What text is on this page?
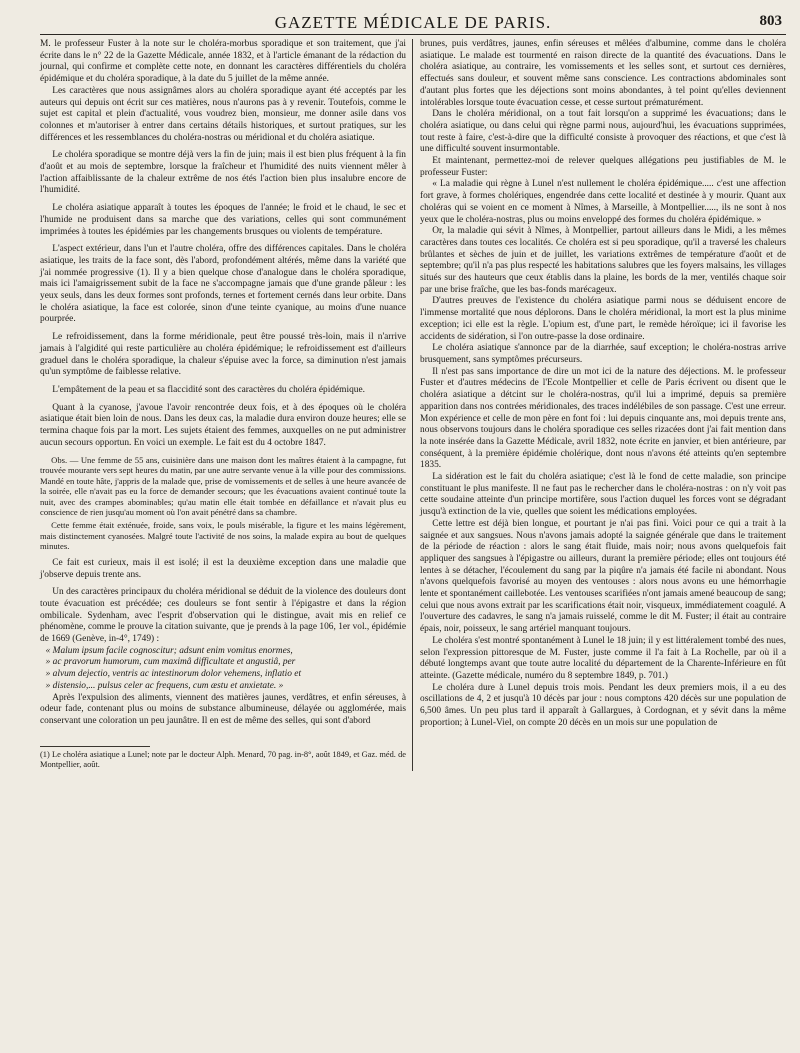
GAZETTE MÉDICALE DE PARIS.	803

M. le professeur Fuster à la note sur le choléra-morbus sporadique et son traitement, que j'ai écrite dans le n° 22 de la Gazette Médicale, année 1832, et à l'article émanant de la rédaction du journal, qui confirme et complète cette note, en donnant les caractères différentiels du choléra épidémique et du choléra sporadique, à la date du 5 juillet de la même année.

Les caractères que nous assignâmes alors au choléra sporadique ayant été acceptés par les auteurs qui depuis ont écrit sur ces matières, nous n'aurons pas à y revenir. Toutefois, comme le sujet est capital et plein d'actualité, vous voudrez bien, monsieur, me donner asile dans vos colonnes et m'autoriser à entrer dans certains détails historiques, et surtout pratiques, sur les différences et les ressemblances du choléra-nostras ou méridional et du choléra asiatique.

Le choléra sporadique se montre déjà vers la fin de juin; mais il est bien plus fréquent à la fin d'août et au mois de septembre, lorsque la fraîcheur et l'humidité des nuits viennent mêler à l'action affaiblissante de la chaleur extrême de nos étés l'action bien plus insalubre encore de l'humidité.

Le choléra asiatique apparaît à toutes les époques de l'année; le froid et le chaud, le sec et l'humide ne produisent dans sa marche que des variations, celles qui sont communément imprimées à toutes les épidémies par les changements brusques ou violents de température.

L'aspect extérieur, dans l'un et l'autre choléra, offre des différences capitales. Dans le choléra asiatique, les traits de la face sont, dès l'abord, profondément altérés, même dans la variété que j'ai nommée progressive (1). Il y a bien quelque chose d'analogue dans le choléra sporadique, mais ici l'amaigrissement subit de la face ne s'accompagne jamais que d'une grande pâleur : les yeux seuls, dans les deux formes sont profonds, ternes et fortement cernés dans leur orbite. Dans le choléra asiatique, la face est colorée, sinon d'une teinte cyanique, au moins d'une nuance pourprée.

Le refroidissement, dans la forme méridionale, peut être poussé très-loin, mais il n'arrive jamais à l'algidité qui reste particulière au choléra épidémique; le refroidissement est d'ailleurs graduel dans le choléra sporadique, la chaleur s'épuise avec la force, sa diminution n'est jamais qu'un symptôme de faiblesse relative.

L'empâtement de la peau et sa flaccidité sont des caractères du choléra épidémique.

Quant à la cyanose, j'avoue l'avoir rencontrée deux fois, et à des époques où le choléra asiatique était bien loin de nous. Dans les deux cas, la maladie dura environ douze heures; elle se termina chaque fois par la mort. Les sujets étaient des femmes, auxquelles on ne put administrer aucun secours opportun. En voici un exemple. Le fait est du 4 octobre 1847.

Obs. — Une femme de 55 ans, cuisinière dans une maison dont les maîtres étaient à la campagne, fut trouvée mourante vers sept heures du matin, par une autre servante venue à la ville pour des commissions. Mandé en toute hâte, j'appris de la malade que, prise de vomissements et de selles à une heure avancée de la soirée, elle n'avait pas eu la force de demander secours; que les évacuations avaient continué toute la nuit, avec des crampes abominables; qu'au matin elle était tombée en défaillance et n'avait plus eu conscience de rien jusqu'au moment où l'on avait pénétré dans sa chambre.

Cette femme était exténuée, froide, sans voix, le pouls misérable, la figure et les mains légèrement, mais distinctement cyanosées. Malgré toute l'activité de nos soins, la malade expira au bout de quelques minutes.

Ce fait est curieux, mais il est isolé; il est la deuxième exception dans une maladie que j'observe depuis trente ans.

Un des caractères principaux du choléra méridional se déduit de la violence des douleurs dont toute évacuation est précédée; ces douleurs se font sentir à l'épigastre et dans la région ombilicale. Sydenham, avec l'esprit d'observation qui le distingue, avait mis en relief ce phénomène, comme le prouve la citation suivante, que je prends à la page 106, 1er vol., épidémie de 1669 (Genève, in-4°, 1749) :

« Malum ipsum facile cognoscitur; adsunt enim vomitus enormes,

» ac pravorum humorum, cum maximâ difficultate et angustiâ, per

» alvum dejectio, ventris ac intestinorum dolor vehemens, inflatio et

» distensio,... pulsus celer ac frequens, cum æstu et anxietate. »

Après l'expulsion des aliments, viennent des matières jaunes, verdâtres, et enfin séreuses, à odeur fade, contenant plus ou moins de substance albumineuse, délayée ou agglomérée, mais conservant une coloration un peu jaunâtre. Il en est de même des selles, qui sont d'abord

(1) Le choléra asiatique a Lunel; note par le docteur Alph. Menard, 70 pag. in-8°, août 1849, et Gaz. méd. de Montpellier, août.

brunes, puis verdâtres, jaunes, enfin séreuses et mêlées d'albumine, comme dans le choléra asiatique. Le malade est tourmenté en raison directe de la quantité des évacuations. Dans le choléra asiatique, au contraire, les vomissements et les selles sont, et surtout ces dernières, effectués sans douleur, et souvent même sans conscience. Les contractions abdominales sont d'autant plus fortes que les déjections sont moins abondantes, à tel point qu'elles deviennent intolérables lorsque toute évacuation cesse, et cesse surtout prématurément.

Dans le choléra méridional, on a tout fait lorsqu'on a supprimé les évacuations; dans le choléra asiatique, ou dans celui qui règne parmi nous, aujourd'hui, les évacuations supprimées, tout reste à faire, c'est-à-dire que la difficulté consiste à provoquer des réactions, et que c'est là une difficulté souvent insurmontable.

Et maintenant, permettez-moi de relever quelques allégations peu justifiables de M. le professeur Fuster:

« La maladie qui règne à Lunel n'est nullement le choléra épidémique..... c'est une affection fort grave, à formes cholériques, engendrée dans cette localité et destinée à y mourir. Quant aux choléras qui se voient en ce moment à Nîmes, à Marseille, à Montpellier....., ils ne sont à nos yeux que le choléra-nostras, plus ou moins enveloppé des formes du choléra épidémique. »

Or, la maladie qui sévit à Nîmes, à Montpellier, partout ailleurs dans le Midi, a les mêmes caractères dans toutes ces localités. Ce choléra est si peu sporadique, qu'il a traversé les chaleurs brûlantes et sèches de juin et de juillet, les variations extrêmes de température d'août et de septembre; qu'il n'a pas plus respecté les habitations salubres que les foyers malsains, les villages situés sur des hauteurs que ceux établis dans la plaine, les bords de la mer, ventilés chaque soir par une brise fraîche, que les bas-fonds marécageux.

D'autres preuves de l'existence du choléra asiatique parmi nous se déduisent encore de l'immense mortalité que nous déplorons. Dans le choléra méridional, la mort est la plus minime exception; ici elle est la règle. L'opium est, d'une part, le remède héroïque; ici il favorise les accidents de sidération, si l'on outre-passe la dose ordinaire.

Le choléra asiatique s'annonce par de la diarrhée, sauf exception; le choléra-nostras arrive brusquement, sans symptômes précurseurs.

Il n'est pas sans importance de dire un mot ici de la nature des déjections. M. le professeur Fuster et d'autres médecins de l'Ecole Montpellier et celle de Paris écrivent ou disent que le choléra asiatique a détcint sur le choléra-nostras, qu'il lui a imprimé, depuis sa première apparition dans nos contrées méridionales, des traces indélébiles de son passage. C'est une erreur. Mon expérience et celle de mon père en font foi : lui depuis cinquante ans, moi depuis trente ans, nous observons toujours dans le choléra sporadique ces selles rizacées dont j'ai fait mention dans la note insérée dans la Gazette Médicale, avril 1832, note écrite en janvier, et bien antérieure, par conséquent, à la première épidémie cholérique, dont nous n'avons été atteints qu'en septembre 1835.

La sidération est le fait du choléra asiatique; c'est là le fond de cette maladie, son principe constituant le plus manifeste. Il ne faut pas le rechercher dans le choléra-nostras : on n'y voit pas cette soudaine atteinte d'un principe mortifère, sous l'action duquel les forces vont se dégradant jusqu'à extinction de la vie, quelles que soient les médications employées.

Cette lettre est déjà bien longue, et pourtant je n'ai pas fini. Voici pour ce qui a trait à la saignée et aux sangsues. Nous n'avons jamais adopté la saignée générale que dans le traitement de la période de réaction : alors le sang était fluide, mais noir; nous avons quelquefois fait appliquer des sangsues à l'épigastre ou ailleurs, durant la première période; elles ont toujours été lentes à se détacher, l'écoulement du sang par la piqûre n'a jamais été facile ni abondant. Nous n'avons quelquefois favorisé au moyen des ventouses : alors nous avons eu une hémorrhagie lente et spontanément caillebotée. Les ventouses scarifiées n'ont jamais amené beaucoup de sang; celui que nous avons extrait par les scarifications était noir, visqueux, immédiatement coagulé. A l'ouverture des cadavres, le sang n'a jamais ruisselé, comme le dit M. Fuster; il était au contraire épais, noir, poisseux, le sang artériel manquant toujours.

Le choléra s'est montré spontanément à Lunel le 18 juin; il y est littéralement tombé des nues, selon l'expression pittoresque de M. Fuster, juste comme il l'a fait à La Rochelle, par où il a débuté longtemps avant que toute autre localité du département de la Charente-Inférieure en fût atteinte. (Gazette médicale, numéro du 8 septembre 1849, p. 701.)

Le choléra dure à Lunel depuis trois mois. Pendant les deux premiers mois, il a eu des oscillations de 4, 2 et jusqu'à 10 décès par jour : nous comptons 420 décès sur une population de 6,500 âmes. Un peu plus tard il apparaît à Gallargues, à Cordognan, et y sévit dans la même proportion; à Lunel-Viel, on compte 20 décès en un mois sur une population de
